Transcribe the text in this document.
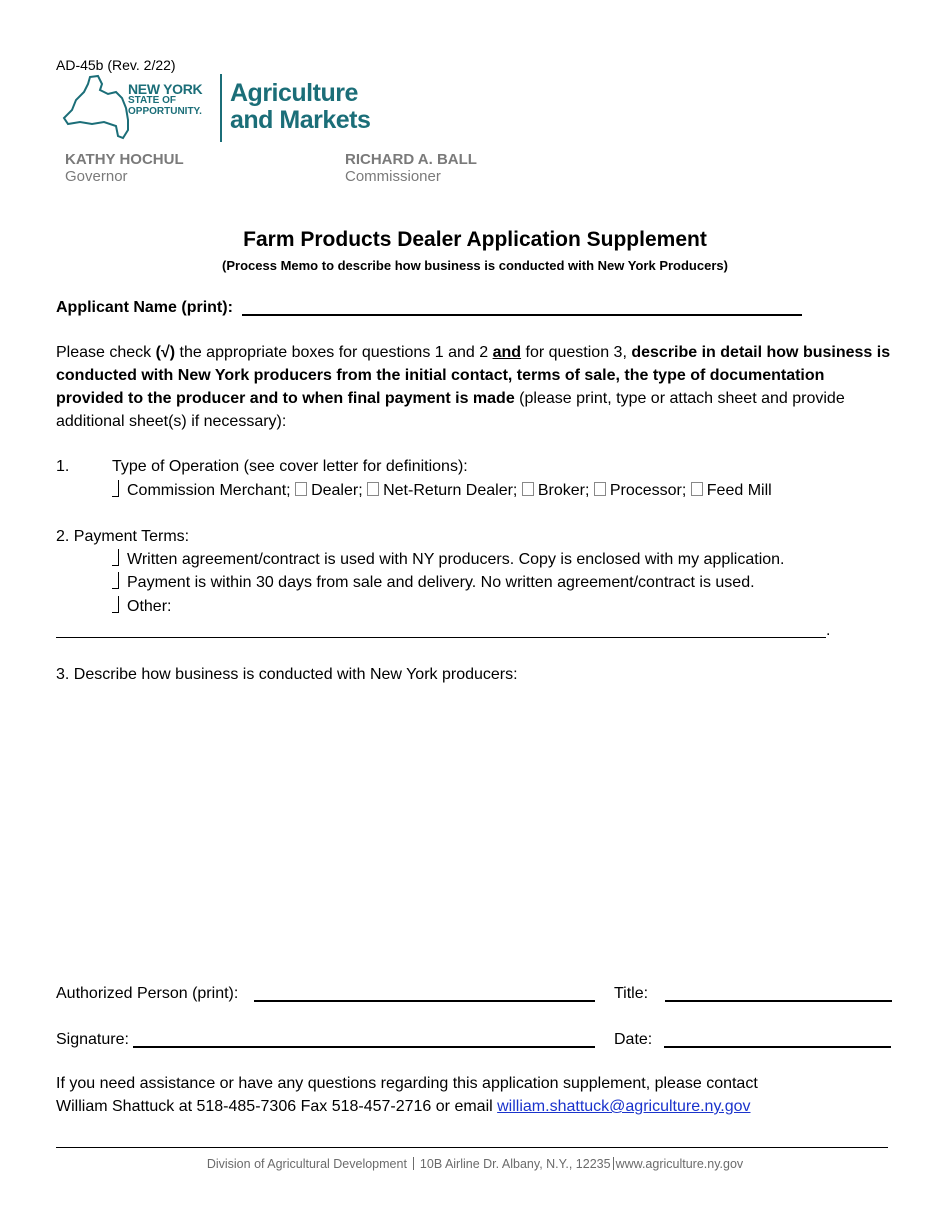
AD-45b (Rev. 2/22)
NEW YORK
STATE OF
OPPORTUNITY.
Agriculture
and Markets
KATHY HOCHUL
Governor
RICHARD A. BALL
Commissioner
Farm Products Dealer Application Supplement
(Process Memo to describe how business is conducted with New York Producers)
Applicant Name (print):
Please check (√) the appropriate boxes for questions 1 and 2 and for question 3, describe in detail how business is conducted with New York producers from the initial contact, terms of sale, the type of documentation provided to the producer and to when final payment is made (please print, type or attach sheet and provide additional sheet(s) if necessary):
1.	Type of Operation (see cover letter for definitions):
Commission Merchant; Dealer; Net-Return Dealer; Broker; Processor; Feed Mill
2. Payment Terms:
Written agreement/contract is used with NY producers. Copy is enclosed with my application.
Payment is within 30 days from sale and delivery. No written agreement/contract is used.
Other:
.
3. Describe how business is conducted with New York producers:
Authorized Person (print):	Title:
Signature:	Date:
If you need assistance or have any questions regarding this application supplement, please contact
William Shattuck at 518-485-7306 Fax 518-457-2716 or email william.shattuck@agriculture.ny.gov
Division of Agricultural Development 10B Airline Dr. Albany, N.Y., 12235 www.agriculture.ny.gov
